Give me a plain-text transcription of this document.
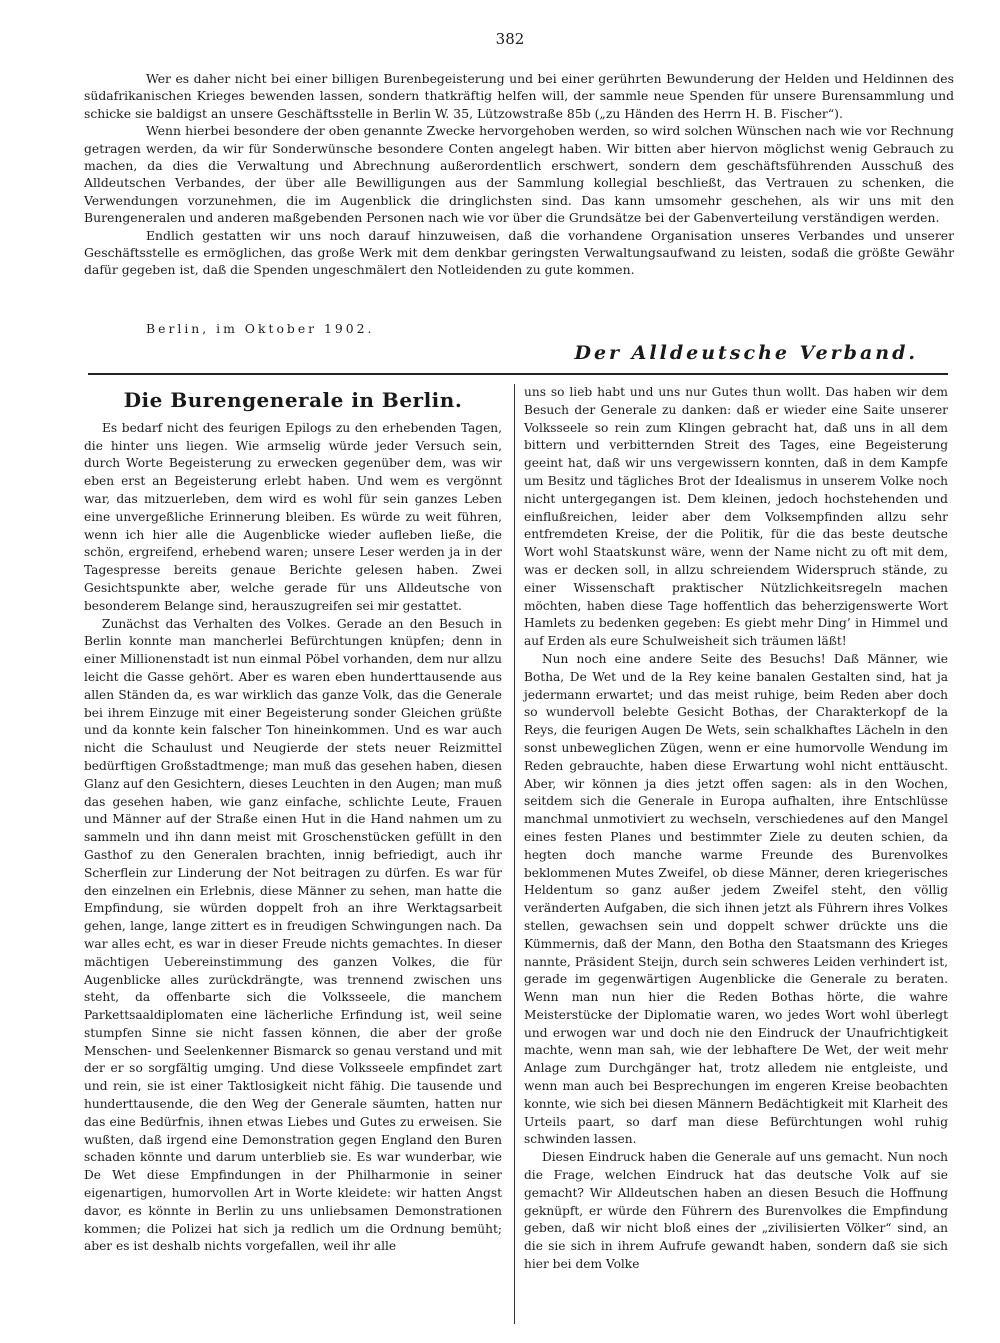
382

Wer es daher nicht bei einer billigen Burenbegeisterung und bei einer gerührten Bewunderung der Helden und Heldinnen des südafrikanischen Krieges bewenden lassen, sondern thatkräftig helfen will, der sammle neue Spenden für unsere Burensammlung und schicke sie baldigst an unsere Geschäftsstelle in Berlin W. 35, Lützowstraße 85b („zu Händen des Herrn H. B. Fischer“).

Wenn hierbei besondere der oben genannte Zwecke hervorgehoben werden, so wird solchen Wünschen nach wie vor Rechnung getragen werden, da wir für Sonderwünsche besondere Conten angelegt haben. Wir bitten aber hiervon möglichst wenig Gebrauch zu machen, da dies die Verwaltung und Abrechnung außerordentlich erschwert, sondern dem geschäftsführenden Ausschuß des Alldeutschen Verbandes, der über alle Bewilligungen aus der Sammlung kollegial beschließt, das Vertrauen zu schenken, die Verwendungen vorzunehmen, die im Augenblick die dringlichsten sind. Das kann umsomehr geschehen, als wir uns mit den Burengeneralen und anderen maßgebenden Personen nach wie vor über die Grundsätze bei der Gabenverteilung verständigen werden.

Endlich gestatten wir uns noch darauf hinzuweisen, daß die vorhandene Organisation unseres Verbandes und unserer Geschäftsstelle es ermöglichen, das große Werk mit dem denkbar geringsten Verwaltungsaufwand zu leisten, sodaß die größte Gewähr dafür gegeben ist, daß die Spenden ungeschmälert den Notleidenden zu gute kommen.

Berlin, im Oktober 1902.
Der Alldeutsche Verband.
Die Burengenerale in Berlin.

Es bedarf nicht des feurigen Epilogs zu den erhebenden Tagen, die hinter uns liegen. Wie armselig würde jeder Versuch sein, durch Worte Begeisterung zu erwecken gegenüber dem, was wir eben erst an Begeisterung erlebt haben. Und wem es vergönnt war, das mitzuerleben, dem wird es wohl für sein ganzes Leben eine unvergeßliche Erinnerung bleiben. Es würde zu weit führen, wenn ich hier alle die Augenblicke wieder aufleben ließe, die schön, ergreifend, erhebend waren; unsere Leser werden ja in der Tagespresse bereits genaue Berichte gelesen haben. Zwei Gesichtspunkte aber, welche gerade für uns Alldeutsche von besonderem Belange sind, herauszugreifen sei mir gestattet.

Zunächst das Verhalten des Volkes. Gerade an den Besuch in Berlin konnte man mancherlei Befürchtungen knüpfen; denn in einer Millionenstadt ist nun einmal Pöbel vorhanden, dem nur allzu leicht die Gasse gehört. Aber es waren eben hunderttausende aus allen Ständen da, es war wirklich das ganze Volk, das die Generale bei ihrem Einzuge mit einer Begeisterung sonder Gleichen grüßte und da konnte kein falscher Ton hineinkommen. Und es war auch nicht die Schaulust und Neugierde der stets neuer Reizmittel bedürftigen Großstadtmenge; man muß das gesehen haben, diesen Glanz auf den Gesichtern, dieses Leuchten in den Augen; man muß das gesehen haben, wie ganz einfache, schlichte Leute, Frauen und Männer auf der Straße einen Hut in die Hand nahmen um zu sammeln und ihn dann meist mit Groschenstücken gefüllt in den Gasthof zu den Generalen brachten, innig befriedigt, auch ihr Scherflein zur Linderung der Not beitragen zu dürfen. Es war für den einzelnen ein Erlebnis, diese Männer zu sehen, man hatte die Empfindung, sie würden doppelt froh an ihre Werktagsarbeit gehen, lange, lange zittert es in freudigen Schwingungen nach. Da war alles echt, es war in dieser Freude nichts gemachtes. In dieser mächtigen Uebereinstimmung des ganzen Volkes, die für Augenblicke alles zurückdrängte, was trennend zwischen uns steht, da offenbarte sich die Volksseele, die manchem Parkettsaaldiplomaten eine lächerliche Erfindung ist, weil seine stumpfen Sinne sie nicht fassen können, die aber der große Menschen- und Seelenkenner Bismarck so genau verstand und mit der er so sorgfältig umging. Und diese Volksseele empfindet zart und rein, sie ist einer Taktlosigkeit nicht fähig. Die tausende und hunderttausende, die den Weg der Generale säumten, hatten nur das eine Bedürfnis, ihnen etwas Liebes und Gutes zu erweisen. Sie wußten, daß irgend eine Demonstration gegen England den Buren schaden könnte und darum unterblieb sie. Es war wunderbar, wie De Wet diese Empfindungen in der Philharmonie in seiner eigenartigen, humorvollen Art in Worte kleidete: wir hatten Angst davor, es könnte in Berlin zu uns unliebsamen Demonstrationen kommen; die Polizei hat sich ja redlich um die Ordnung bemüht; aber es ist deshalb nichts vorgefallen, weil ihr alle

uns so lieb habt und uns nur Gutes thun wollt. Das haben wir dem Besuch der Generale zu danken: daß er wieder eine Saite unserer Volksseele so rein zum Klingen gebracht hat, daß uns in all dem bittern und verbitternden Streit des Tages, eine Begeisterung geeint hat, daß wir uns vergewissern konnten, daß in dem Kampfe um Besitz und tägliches Brot der Idealismus in unserem Volke noch nicht untergegangen ist. Dem kleinen, jedoch hochstehenden und einflußreichen, leider aber dem Volksempfinden allzu sehr entfremdeten Kreise, der die Politik, für die das beste deutsche Wort wohl Staatskunst wäre, wenn der Name nicht zu oft mit dem, was er decken soll, in allzu schreiendem Widerspruch stände, zu einer Wissenschaft praktischer Nützlichkeitsregeln machen möchten, haben diese Tage hoffentlich das beherzigenswerte Wort Hamlets zu bedenken gegeben: Es giebt mehr Ding’ in Himmel und auf Erden als eure Schulweisheit sich träumen läßt!

Nun noch eine andere Seite des Besuchs! Daß Männer, wie Botha, De Wet und de la Rey keine banalen Gestalten sind, hat ja jedermann erwartet; und das meist ruhige, beim Reden aber doch so wundervoll belebte Gesicht Bothas, der Charakterkopf de la Reys, die feurigen Augen De Wets, sein schalkhaftes Lächeln in den sonst unbeweglichen Zügen, wenn er eine humorvolle Wendung im Reden gebrauchte, haben diese Erwartung wohl nicht enttäuscht. Aber, wir können ja dies jetzt offen sagen: als in den Wochen, seitdem sich die Generale in Europa aufhalten, ihre Entschlüsse manchmal unmotiviert zu wechseln, verschiedenes auf den Mangel eines festen Planes und bestimmter Ziele zu deuten schien, da hegten doch manche warme Freunde des Burenvolkes beklommenen Mutes Zweifel, ob diese Männer, deren kriegerisches Heldentum so ganz außer jedem Zweifel steht, den völlig veränderten Aufgaben, die sich ihnen jetzt als Führern ihres Volkes stellen, gewachsen sein und doppelt schwer drückte uns die Kümmernis, daß der Mann, den Botha den Staatsmann des Krieges nannte, Präsident Steijn, durch sein schweres Leiden verhindert ist, gerade im gegenwärtigen Augenblicke die Generale zu beraten. Wenn man nun hier die Reden Bothas hörte, die wahre Meisterstücke der Diplomatie waren, wo jedes Wort wohl überlegt und erwogen war und doch nie den Eindruck der Unaufrichtigkeit machte, wenn man sah, wie der lebhaftere De Wet, der weit mehr Anlage zum Durchgänger hat, trotz alledem nie entgleiste, und wenn man auch bei Besprechungen im engeren Kreise beobachten konnte, wie sich bei diesen Männern Bedächtigkeit mit Klarheit des Urteils paart, so darf man diese Befürchtungen wohl ruhig schwinden lassen.

Diesen Eindruck haben die Generale auf uns gemacht. Nun noch die Frage, welchen Eindruck hat das deutsche Volk auf sie gemacht? Wir Alldeutschen haben an diesen Besuch die Hoffnung geknüpft, er würde den Führern des Burenvolkes die Empfindung geben, daß wir nicht bloß eines der „zivilisierten Völker“ sind, an die sie sich in ihrem Aufrufe gewandt haben, sondern daß sie sich hier bei dem Volke
